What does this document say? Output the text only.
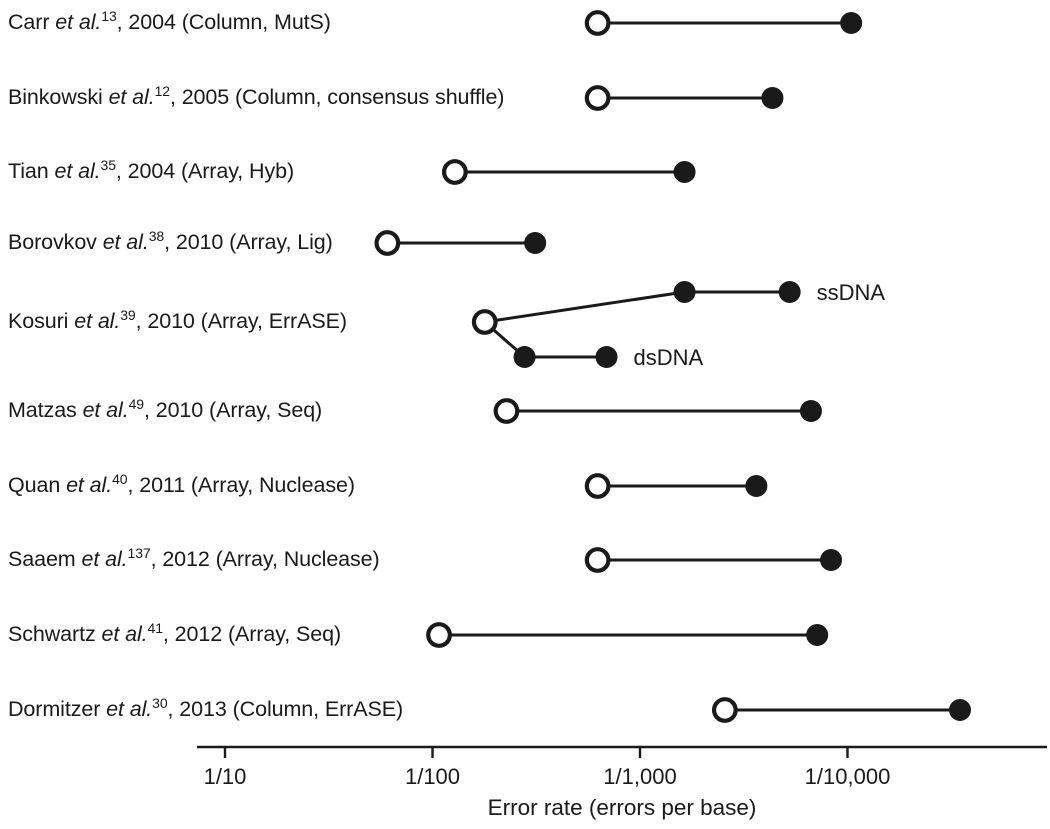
ssDNA
dsDNA
1/10	1/100	1/1,000	1/10,000
Carr et al.$^{13}$, 2004 (Column, MutS)
Binkowski et al.$^{12}$, 2005 (Column, consensus shuffle)
Tian et al.$^{35}$, 2004 (Array, Hyb)
Borovkov et al.$^{38}$, 2010 (Array, Lig)
Kosuri et al.$^{39}$, 2010 (Array, ErrASE)
Matzas et al.$^{49}$, 2010 (Array, Seq)
Quan et al.$^{40}$, 2011 (Array, Nuclease)
Saaem et al.$^{137}$, 2012 (Array, Nuclease)
Schwartz et al.$^{41}$, 2012 (Array, Seq)
Dormitzer et al.$^{30}$, 2013 (Column, ErrASE)
Error rate (errors per base)
